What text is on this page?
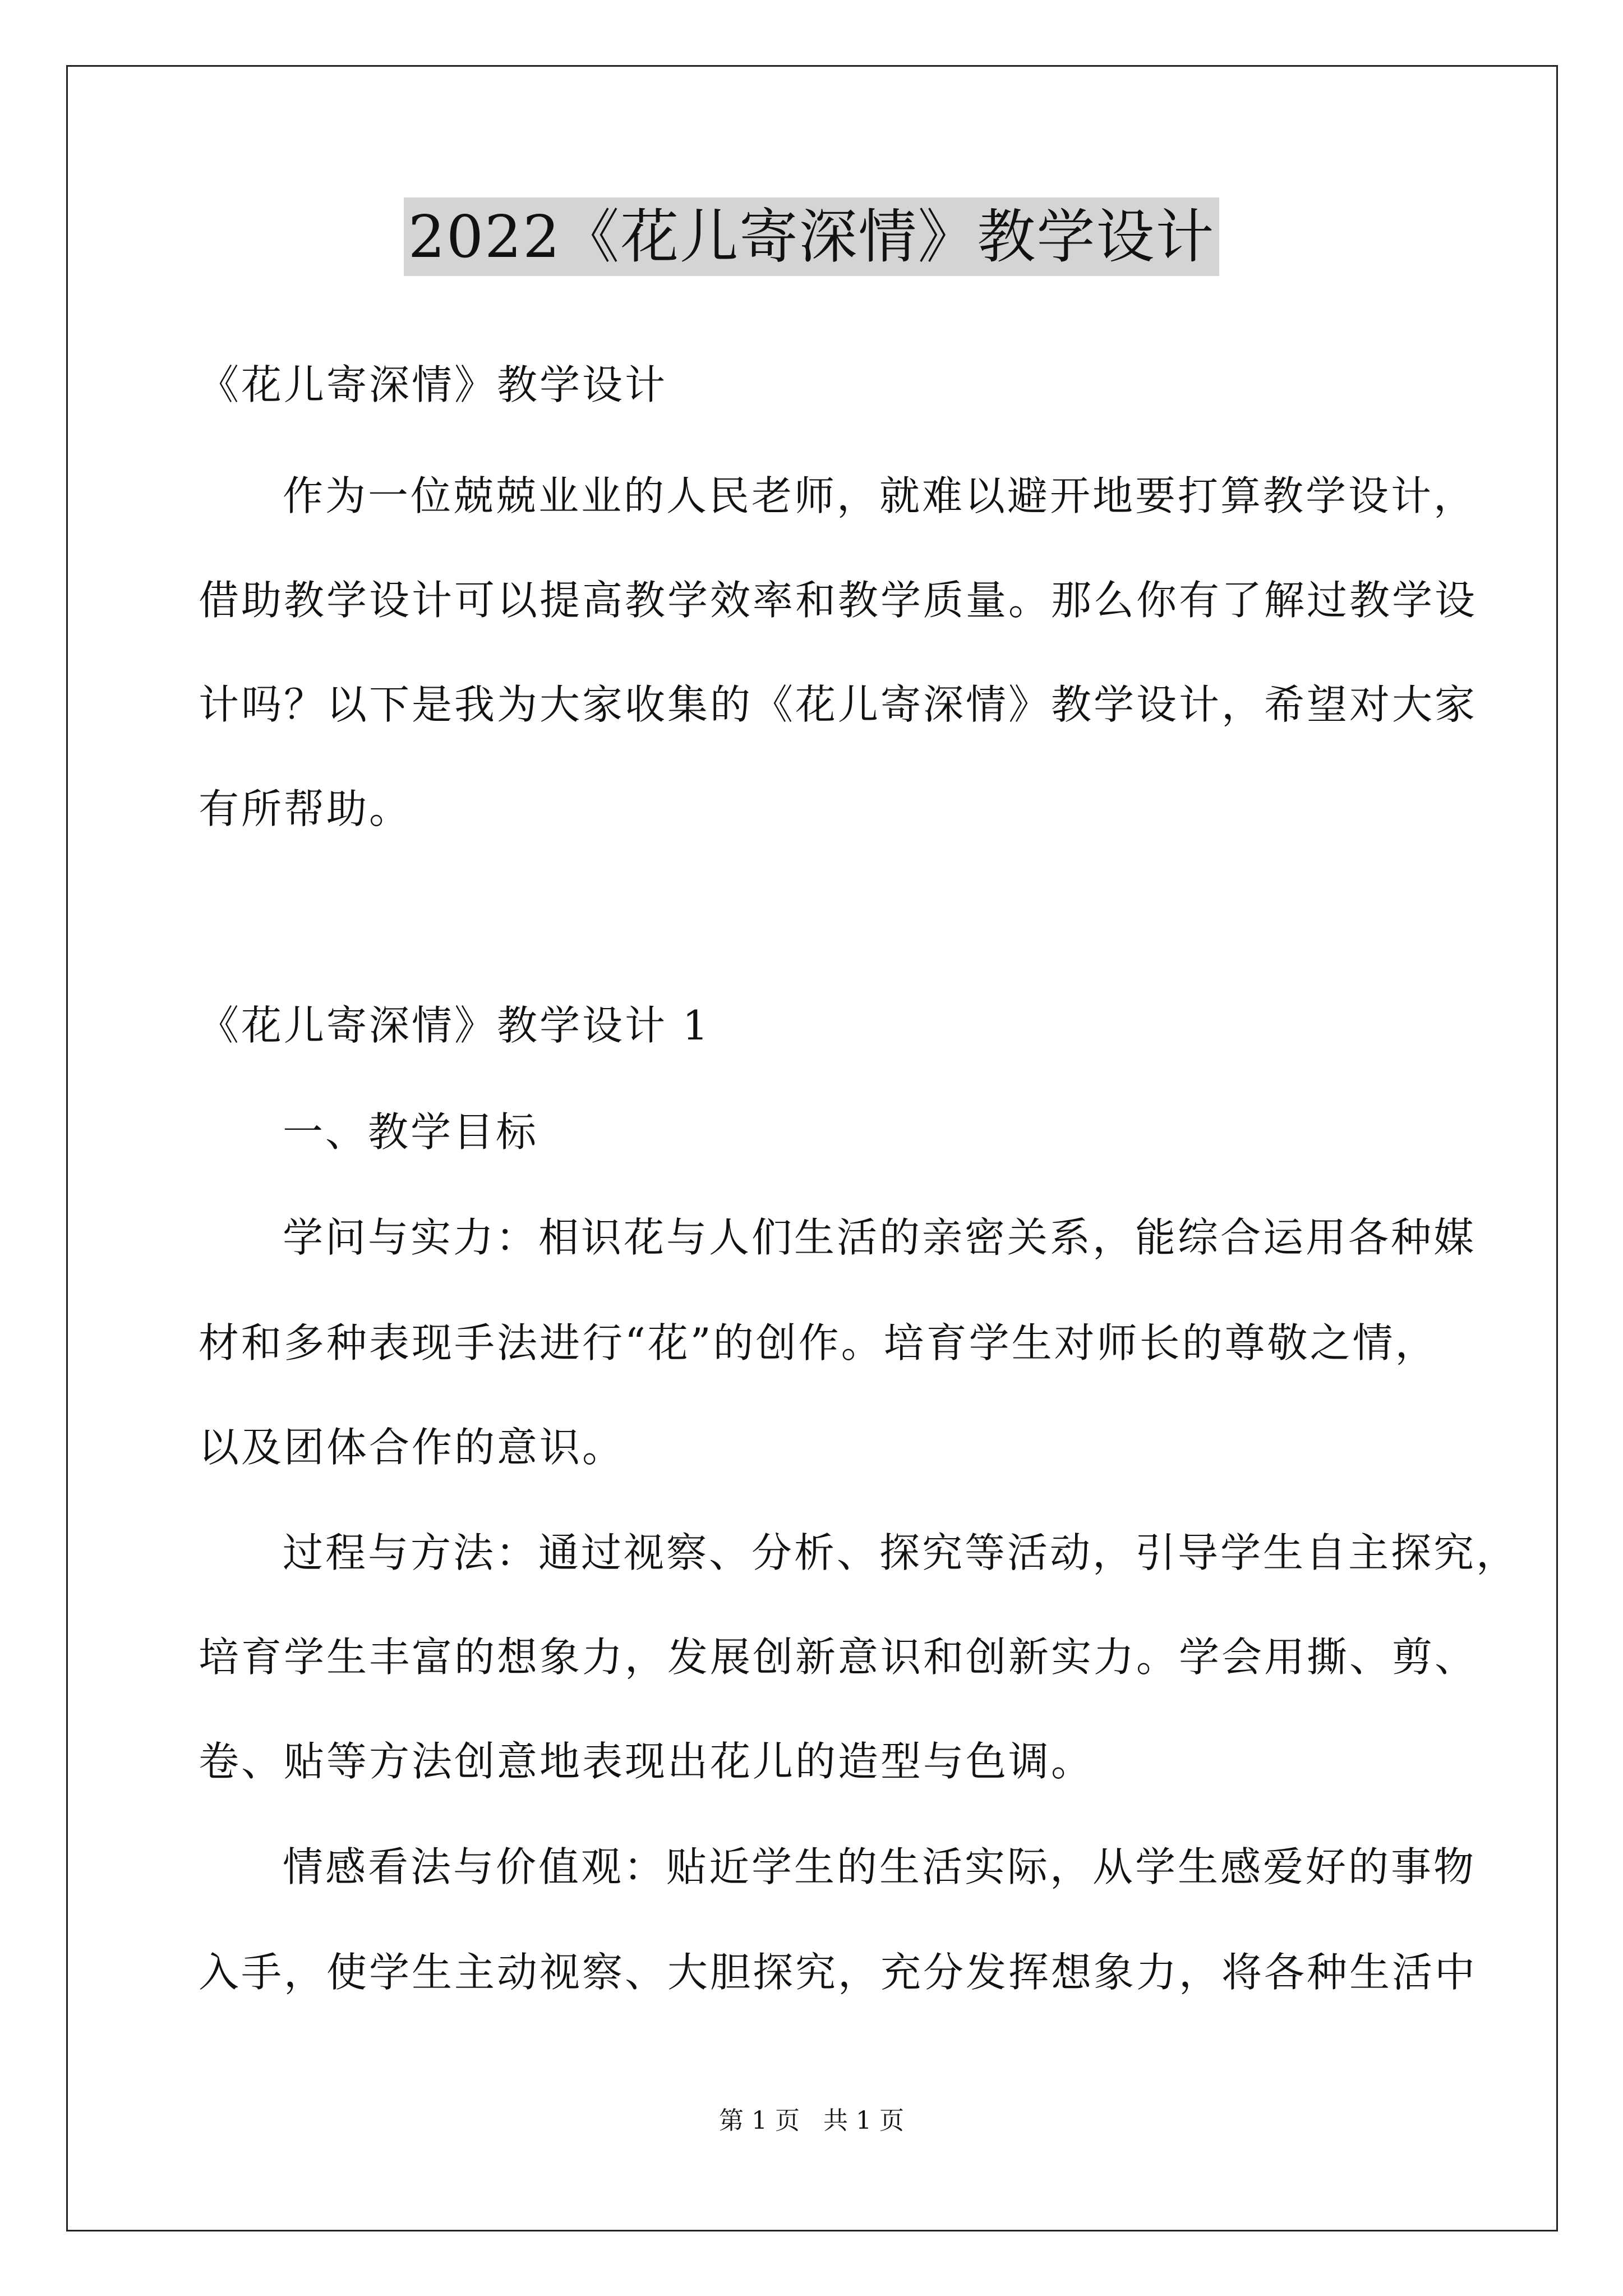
2022《花儿寄深情》教学设计
《花儿寄深情》教学设计
作为一位兢兢业业的人民老师，就难以避开地要打算教学设计，
借助教学设计可以提高教学效率和教学质量。那么你有了解过教学设
计吗？以下是我为大家收集的《花儿寄深情》教学设计，希望对大家
有所帮助。
《花儿寄深情》教学设计 1
一、教学目标
学问与实力：相识花与人们生活的亲密关系，能综合运用各种媒
材和多种表现手法进行“花”的创作。培育学生对师长的尊敬之情，
以及团体合作的意识。
过程与方法：通过视察、分析、探究等活动，引导学生自主探究，
培育学生丰富的想象力，发展创新意识和创新实力。学会用撕、剪、
卷、贴等方法创意地表现出花儿的造型与色调。
情感看法与价值观：贴近学生的生活实际，从学生感爱好的事物
入手，使学生主动视察、大胆探究，充分发挥想象力，将各种生活中
第 1 页   共 1 页
